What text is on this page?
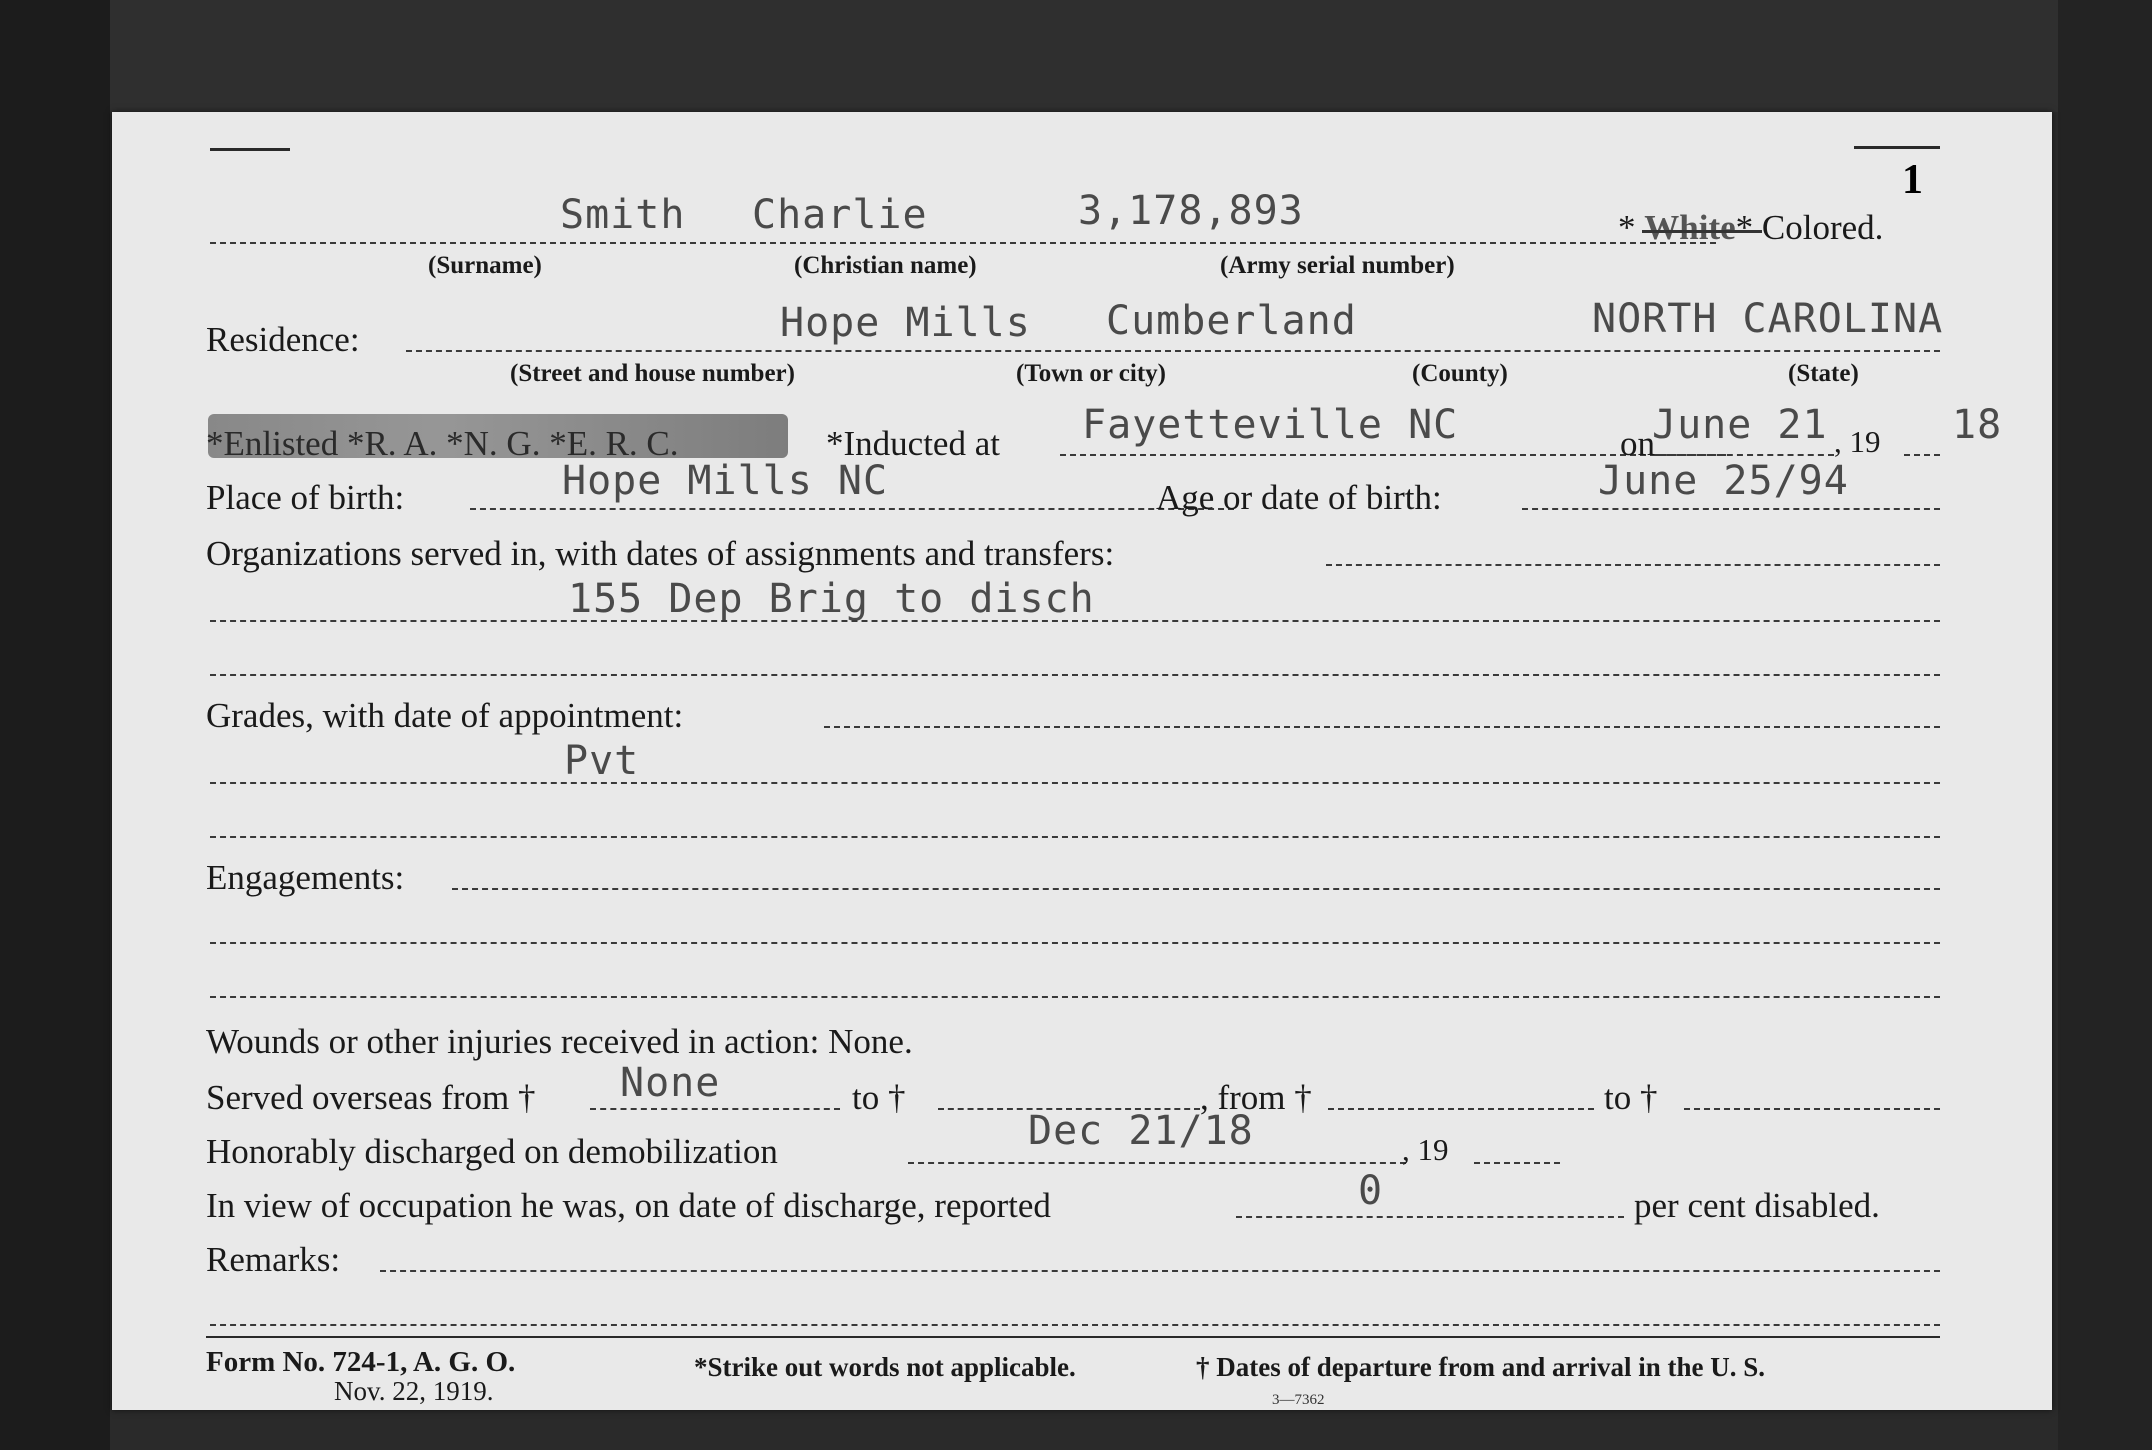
1
Smith Charlie	3,178,893	* White* Colored.
(Surname)	(Christian name)	(Army serial number)
Residence:	Hope Mills Cumberland	NORTH CAROLINA
(Street and house number)	(Town or city)	(County)	(State)
*Enlisted *R. A. *N. G. *E. R. C.	*Inducted at Fayetteville NC	on
June 21 , 19 18
Place of birth:	Hope Mills NC	Age or date of birth:	June 25/94
Organizations served in, with dates of assignments and transfers:
155 Dep Brig to disch
Grades, with date of appointment:
Pvt
Engagements:
Wounds or other injuries received in action: None.
Served overseas from † None	to †	, from †	to †
Honorably discharged on demobilization	Dec 21/18	, 19
In view of occupation he was, on date of discharge, reported	0	per cent disabled.
Remarks:
Form No. 724-1, A. G. O.
Nov. 22, 1919.
*Strike out words not applicable.	† Dates of departure from and arrival in the U. S.
3—7362
